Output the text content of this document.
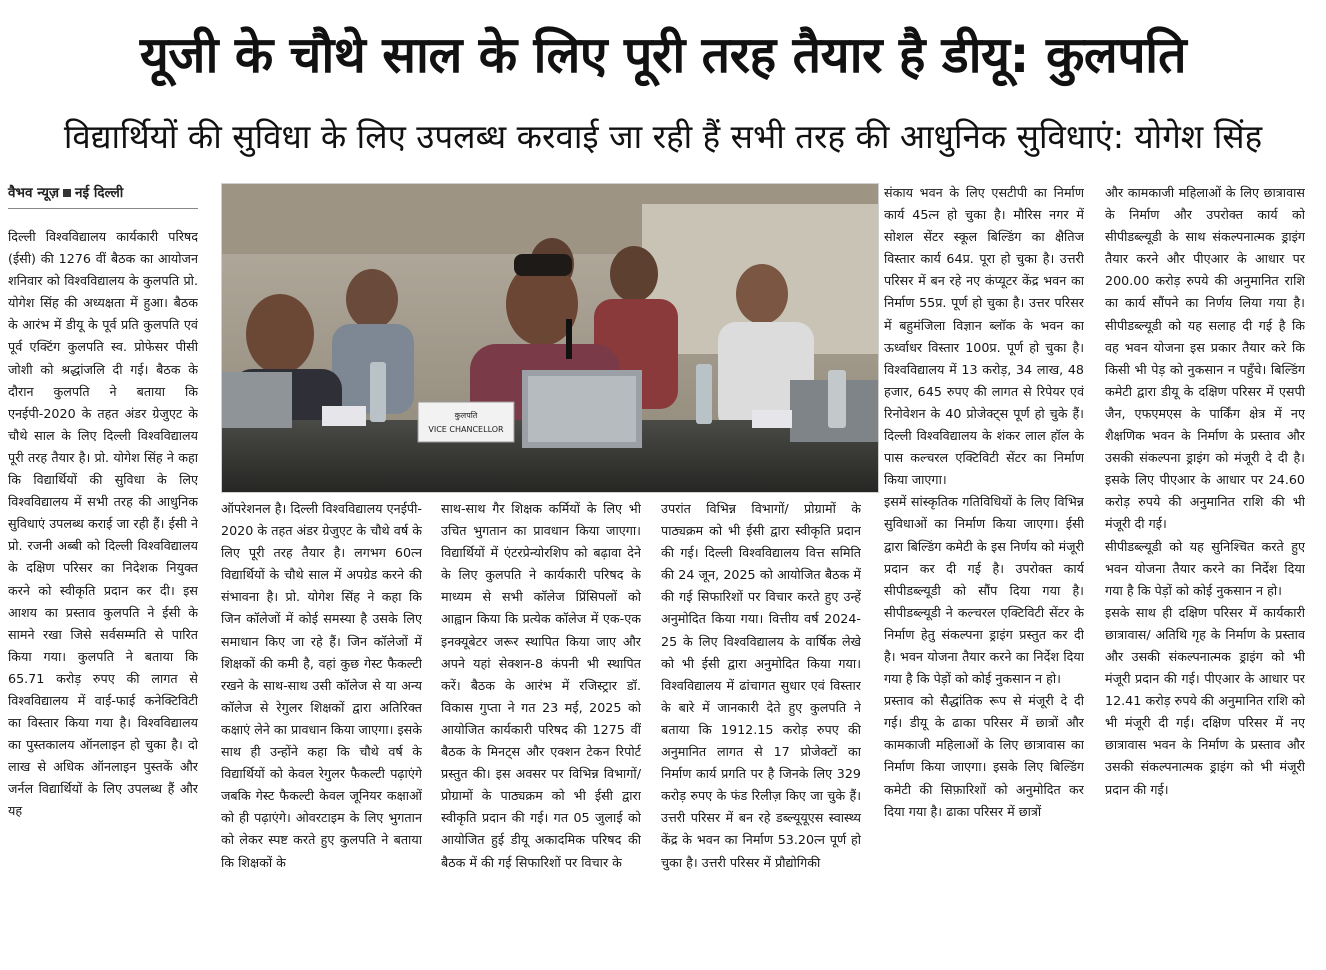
यूजी के चौथे साल के लिए पूरी तरह तैयार है डीयू: कुलपति
विद्यार्थियों की सुविधा के लिए उपलब्ध करवाई जा रही हैं सभी तरह की आधुनिक सुविधाएं: योगेश सिंह
वैभव न्यूज़ नई दिल्ली
कुलपति
VICE CHANCELLOR

दिल्ली विश्वविद्यालय कार्यकारी परिषद (ईसी) की 1276 वीं बैठक का आयोजन शनिवार को विश्वविद्यालय के कुलपति प्रो. योगेश सिंह की अध्यक्षता में हुआ। बैठक के आरंभ में डीयू के पूर्व प्रति कुलपति एवं पूर्व एक्टिंग कुलपति स्व. प्रोफेसर पीसी जोशी को श्रद्धांजलि दी गई। बैठक के दौरान कुलपति ने बताया कि एनईपी-2020 के तहत अंडर ग्रेजुएट के चौथे साल के लिए दिल्ली विश्वविद्यालय पूरी तरह तैयार है। प्रो. योगेश सिंह ने कहा कि विद्यार्थियों की सुविधा के लिए विश्वविद्यालय में सभी तरह की आधुनिक सुविधाएं उपलब्ध कराई जा रही हैं। ईसी ने प्रो. रजनी अब्बी को दिल्ली विश्वविद्यालय के दक्षिण परिसर का निदेशक नियुक्त करने को स्वीकृति प्रदान कर दी। इस आशय का प्रस्ताव कुलपति ने ईसी के सामने रखा जिसे सर्वसम्मति से पारित किया गया। कुलपति ने बताया कि 65.71 करोड़ रुपए की लागत से विश्वविद्यालय में वाई-फाई कनेक्टिविटी का विस्तार किया गया है। विश्वविद्यालय का पुस्तकालय ऑनलाइन हो चुका है। दो लाख से अधिक ऑनलाइन पुस्तकें और जर्नल विद्यार्थियों के लिए उपलब्ध हैं और यह

ऑपरेशनल है। दिल्ली विश्वविद्यालय एनईपी- 2020 के तहत अंडर ग्रेजुएट के चौथे वर्ष के लिए पूरी तरह तैयार है। लगभग 60त्न विद्यार्थियों के चौथे साल में अपग्रेड करने की संभावना है। प्रो. योगेश सिंह ने कहा कि जिन कॉलेजों में कोई समस्या है उसके लिए समाधान किए जा रहे हैं। जिन कॉलेजों में शिक्षकों की कमी है, वहां कुछ गेस्ट फैकल्टी रखने के साथ-साथ उसी कॉलेज से या अन्य कॉलेज से रेगुलर शिक्षकों द्वारा अतिरिक्त कक्षाएं लेने का प्रावधान किया जाएगा। इसके साथ ही उन्होंने कहा कि चौथे वर्ष के विद्यार्थियों को केवल रेगुलर फैकल्टी पढ़ाएंगे जबकि गेस्ट फैकल्टी केवल जूनियर कक्षाओं को ही पढ़ाएंगे। ओवरटाइम के लिए भुगतान को लेकर स्पष्ट करते हुए कुलपति ने बताया कि शिक्षकों के

साथ-साथ गैर शिक्षक कर्मियों के लिए भी उचित भुगतान का प्रावधान किया जाएगा। विद्यार्थियों में एंटरप्रेन्योरशिप को बढ़ावा देने के लिए कुलपति ने कार्यकारी परिषद के माध्यम से सभी कॉलेज प्रिंसिपलों को आह्वान किया कि प्रत्येक कॉलेज में एक-एक इनक्यूबेटर जरूर स्थापित किया जाए और अपने यहां सेक्शन-8 कंपनी भी स्थापित करें। बैठक के आरंभ में रजिस्ट्रार डॉ. विकास गुप्ता ने गत 23 मई, 2025 को आयोजित कार्यकारी परिषद की 1275 वीं बैठक के मिनट्स और एक्शन टेकन रिपोर्ट प्रस्तुत की। इस अवसर पर विभिन्न विभागों/ प्रोग्रामों के पाठ्यक्रम को भी ईसी द्वारा स्वीकृति प्रदान की गई। गत 05 जुलाई को आयोजित हुई डीयू अकादमिक परिषद की बैठक में की गई सिफारिशों पर विचार के

उपरांत विभिन्न विभागों/ प्रोग्रामों के पाठ्यक्रम को भी ईसी द्वारा स्वीकृति प्रदान की गई। दिल्ली विश्वविद्यालय वित्त समिति की 24 जून, 2025 को आयोजित बैठक में की गई सिफारिशों पर विचार करते हुए उन्हें अनुमोदित किया गया। वित्तीय वर्ष 2024-25 के लिए विश्वविद्यालय के वार्षिक लेखे को भी ईसी द्वारा अनुमोदित किया गया। विश्वविद्यालय में ढांचागत सुधार एवं विस्तार के बारे में जानकारी देते हुए कुलपति ने बताया कि 1912.15 करोड़ रुपए की अनुमानित लागत से 17 प्रोजेक्टों का निर्माण कार्य प्रगति पर है जिनके लिए 329 करोड़ रुपए के फंड रिलीज़ किए जा चुके हैं। उत्तरी परिसर में बन रहे डब्ल्यूयूएस स्वास्थ्य केंद्र के भवन का निर्माण 53.20त्न पूर्ण हो चुका है। उत्तरी परिसर में प्रौद्योगिकी

संकाय भवन के लिए एसटीपी का निर्माण कार्य 45त्न हो चुका है। मौरिस नगर में सोशल सेंटर स्कूल बिल्डिंग का क्षैतिज विस्तार कार्य 64प्र. पूरा हो चुका है। उत्तरी परिसर में बन रहे नए कंप्यूटर केंद्र भवन का निर्माण 55प्र. पूर्ण हो चुका है। उत्तर परिसर में बहुमंजिला विज्ञान ब्लॉक के भवन का ऊर्ध्वाधर विस्तार 100प्र. पूर्ण हो चुका है। विश्वविद्यालय में 13 करोड़, 34 लाख, 48 हजार, 645 रुपए की लागत से रिपेयर एवं रिनोवेशन के 40 प्रोजेक्ट्स पूर्ण हो चुके हैं। दिल्ली विश्वविद्यालय के शंकर लाल हॉल के पास कल्चरल एक्टिविटी सेंटर का निर्माण किया जाएगा।

इसमें सांस्कृतिक गतिविधियों के लिए विभिन्न सुविधाओं का निर्माण किया जाएगा। ईसी द्वारा बिल्डिंग कमेटी के इस निर्णय को मंजूरी प्रदान कर दी गई है। उपरोक्त कार्य सीपीडब्ल्यूडी को सौंप दिया गया है। सीपीडब्ल्यूडी ने कल्चरल एक्टिविटी सेंटर के निर्माण हेतु संकल्पना ड्राइंग प्रस्तुत कर दी है। भवन योजना तैयार करने का निर्देश दिया गया है कि पेड़ों को कोई नुकसान न हो।

प्रस्ताव को सैद्धांतिक रूप से मंजूरी दे दी गई। डीयू के ढाका परिसर में छात्रों और कामकाजी महिलाओं के लिए छात्रावास का निर्माण किया जाएगा। इसके लिए बिल्डिंग कमेटी की सिफ़ारिशों को अनुमोदित कर दिया गया है। ढाका परिसर में छात्रों

और कामकाजी महिलाओं के लिए छात्रावास के निर्माण और उपरोक्त कार्य को सीपीडब्ल्यूडी के साथ संकल्पनात्मक ड्राइंग तैयार करने और पीएआर के आधार पर 200.00 करोड़ रुपये की अनुमानित राशि का कार्य सौंपने का निर्णय लिया गया है। सीपीडब्ल्यूडी को यह सलाह दी गई है कि वह भवन योजना इस प्रकार तैयार करे कि किसी भी पेड़ को नुकसान न पहुँचे। बिल्डिंग कमेटी द्वारा डीयू के दक्षिण परिसर में एसपी जैन, एफएमएस के पार्किंग क्षेत्र में नए शैक्षणिक भवन के निर्माण के प्रस्ताव और उसकी संकल्पना ड्राइंग को मंजूरी दे दी है। इसके लिए पीएआर के आधार पर 24.60 करोड़ रुपये की अनुमानित राशि की भी मंजूरी दी गई।

सीपीडब्ल्यूडी को यह सुनिश्चित करते हुए भवन योजना तैयार करने का निर्देश दिया गया है कि पेड़ों को कोई नुकसान न हो।

इसके साथ ही दक्षिण परिसर में कार्यकारी छात्रावास/ अतिथि गृह के निर्माण के प्रस्ताव और उसकी संकल्पनात्मक ड्राइंग को भी मंजूरी प्रदान की गई। पीएआर के आधार पर 12.41 करोड़ रुपये की अनुमानित राशि को भी मंजूरी दी गई। दक्षिण परिसर में नए छात्रावास भवन के निर्माण के प्रस्ताव और उसकी संकल्पनात्मक ड्राइंग को भी मंजूरी प्रदान की गई।
